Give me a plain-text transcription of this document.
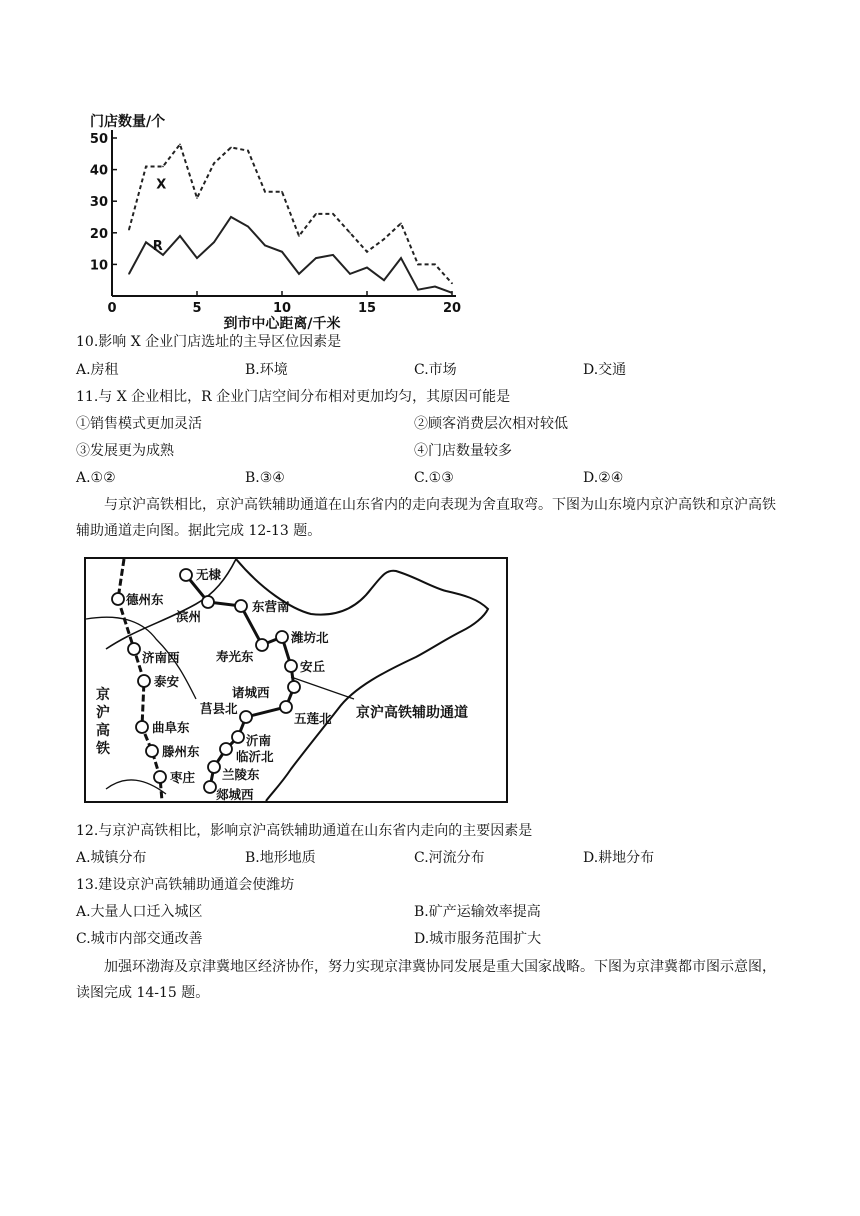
门店数量/个
10
20
30
40
50
0	5	10	15	20
到市中心距离/千米
X
R
10.影响 X 企业门店选址的主导区位因素是
A.房租	B.环境	C.市场	D.交通
11.与 X 企业相比，R 企业门店空间分布相对更加均匀，其原因可能是
①销售模式更加灵活	②顾客消费层次相对较低
③发展更为成熟	④门店数量较多
A.①②	B.③④	C.①③	D.②④
与京沪高铁相比，京沪高铁辅助通道在山东省内的走向表现为舍直取弯。下图为山东境内京沪高铁和京沪高铁辅助通道走向图。据此完成 12-13 题。
德州东
济南西
泰安
曲阜东
滕州东
枣庄
无棣
滨州
东营南
寿光东
潍坊北
安丘
诸城西
莒县北
五莲北
沂南
临沂北
兰陵东
郯城西
京沪高铁辅助通道
京 沪 高 铁
12.与京沪高铁相比，影响京沪高铁辅助通道在山东省内走向的主要因素是
A.城镇分布	B.地形地质	C.河流分布	D.耕地分布
13.建设京沪高铁辅助通道会使潍坊
A.大量人口迁入城区	B.矿产运输效率提高
C.城市内部交通改善	D.城市服务范围扩大
加强环渤海及京津冀地区经济协作，努力实现京津冀协同发展是重大国家战略。下图为京津冀都市图示意图，读图完成 14-15 题。
